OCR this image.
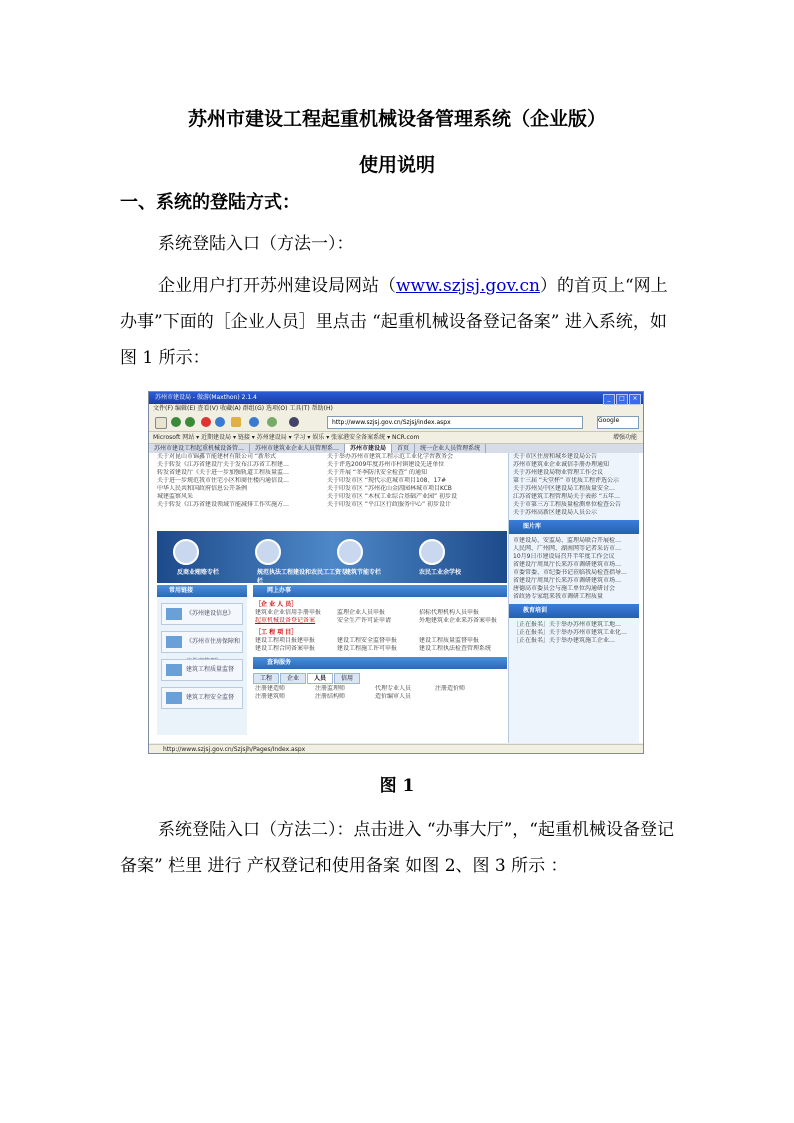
苏州市建设工程起重机械设备管理系统（企业版）
使用说明
一、系统的登陆方式：
系统登陆入口（方法一）：
企业用户打开苏州建设局网站（www.szjsj.gov.cn）的首页上“网上办事”下面的［企业人员］里点击 “起重机械设备登记备案” 进入系统，如图 1 所示：
苏州市建设局 - 傲游(Maxthon) 2.1.4	_ □ ×
文件(F) 编辑(E) 查看(V) 收藏(A) 群组(G) 选项(O) 工具(T) 帮助(H)
http://www.szjsj.gov.cn/Szjsj/index.aspx	Google
Microsoft 网站 ▾ 近期建设局 ▾ 链接 ▾ 苏州建设局 ▾ 学习 ▾ 娱乐 ▾ 张家港安全备案系统 ▾ NCR.com	增强功能
苏州市建设工程起重机械设备管… 苏州市建筑业企业人员管理系… 苏州市建设局 首页 统一企业人员管理系统
关于对昆山市锦鑫节能建材有限公司 “新形式	关于举办苏州市建筑工程示范工业化学習教务会
关于转发《江苏省建设厅关于发布江苏省工程建…	关于评选2009年度苏州市村镇建设先进单位
转发省建设厅《关于进一步加强轨道工程质量监…	关于开展 “冬季防汛安全检查” 的通知
关于进一步规范我市住宅小区和商住楼内通信设…	关于印发市区 “现代示范城市项目108、17#
中华人民共和国政府信息公开条例	关于印发市区 “苏州花山金阊园林城市项目KCB
城建监察风采	关于印发市区 “木权工业综合基础产业园” 初步设
关于转发《江苏省建设领域节能减排工作实施方…	关于印发市区 “平江区行政服务中心” 初步设计
反商业贿赂专栏	规范执法工程建设和农民工工资专栏
建筑节能专栏	农民工业余学校
常用链接
《苏州建设信息》
《苏州市住房保障和
建筑工程质量监督
建筑工程安全监督
网上办事
［企 业 人 员］
建筑业企业信用手册申报	监理企业人员申报	招标代理机构人员申报
起重机械设备登记备案	安全生产许可证申请	外地建筑业企业来苏备案申报
［工 程 项 目］
建设工程项目报建申报	建设工程安全监督申报	建设工程质量监督申报
建设工程合同备案申报	建设工程施工许可申报	建设工程执法检查管理系统
查询服务
工程	企业	人员	信用
注册建造师	注册监理师	代理专业人员	注册造价师
注册建筑师	注册结构师	造价编审人员
关于市区住房和城乡建设局公告
苏州市建筑业企业诚信手册办理通知
关于苏州建设局物业管理工作会议
第十三届 “天堂杯” 市优质工程评选公示
关于苏州吴中区建设局工程质量安全…
江苏省建筑工程管理局关于表彰 “五年…
关于市第三方工程质量检测单位检查公告
关于苏州高新区建设局人员公示
图片库
市建设局、安监局、监理局联合开展检…
人民网、广州网、湖南网等记者采访市…
10月9日市建设局召开半年度工作会议
省建设厅周岚厅长来苏市调研建筑市场…
市委常委、市纪委书记莅临我局检查指导…
省建设厅周岚厅长来苏市调研建筑市场…
唐德高市委员会与施工单位沟通研讨会
省政协专家组来我市调研工程质量
教育培训
［正在报名］关于举办苏州市建筑工地…
［正在报名］关于举办苏州市建筑工业化…
［正在报名］关于举办建筑施工企业…
http://www.szjsj.gov.cn/Szjsjh/Pages/Index.aspx
图 1
系统登陆入口（方法二）：点击进入 “办事大厅”，“起重机械设备登记备案” 栏里 进行 产权登记和使用备案 如图 2、图 3 所示 ：
